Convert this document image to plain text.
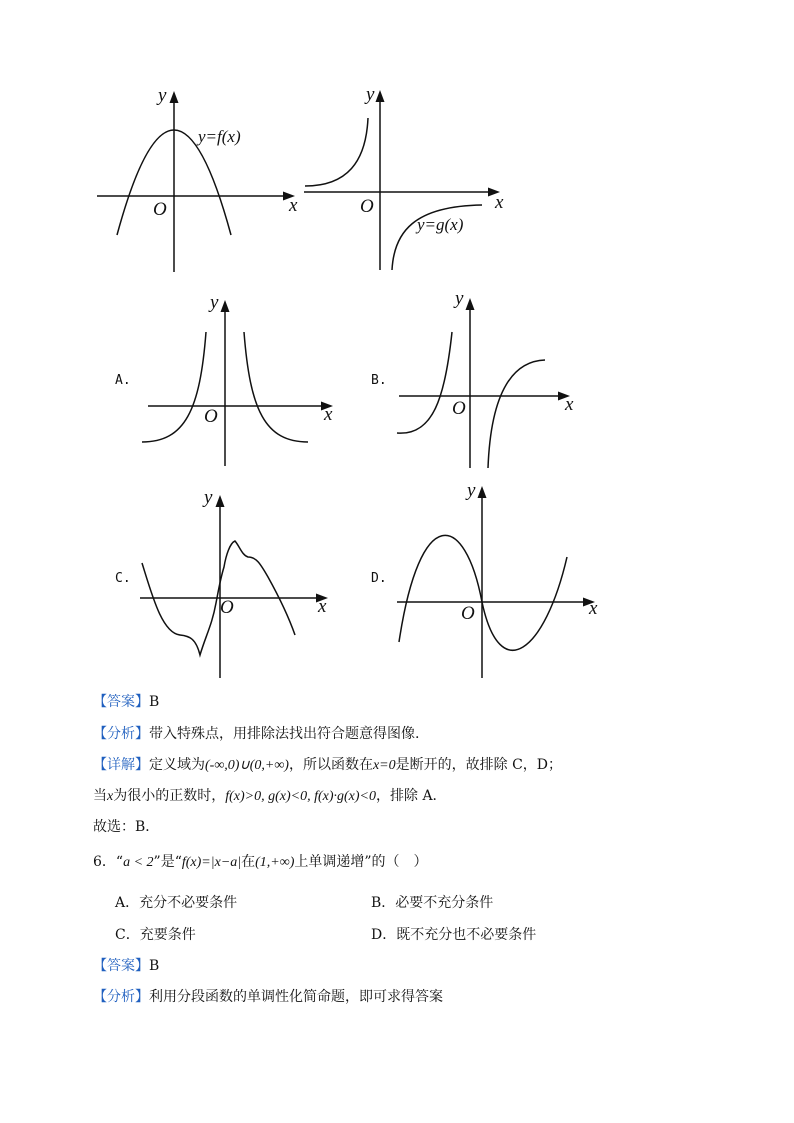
x
y
O
y=f(x)
x
y
O
y=g(x)
A.
x
y
O
B.
x
y
O
C.
x
y
O
D.
x
y
O
【答案】B
【分析】带入特殊点，用排除法找出符合题意得图像.
【详解】定义域为(-∞,0)∪(0,+∞)，所以函数在x=0是断开的，故排除 C，D；
当x为很小的正数时，f(x)>0, g(x)<0, f(x)·g(x)<0，排除 A．
故选：B．
6．“a < 2”是“f(x)=|x−a|在(1,+∞)上单调递增”的（　）
A．充分不必要条件	B．必要不充分条件
C．充要条件	D．既不充分也不必要条件
【答案】B
【分析】利用分段函数的单调性化简命题，即可求得答案
